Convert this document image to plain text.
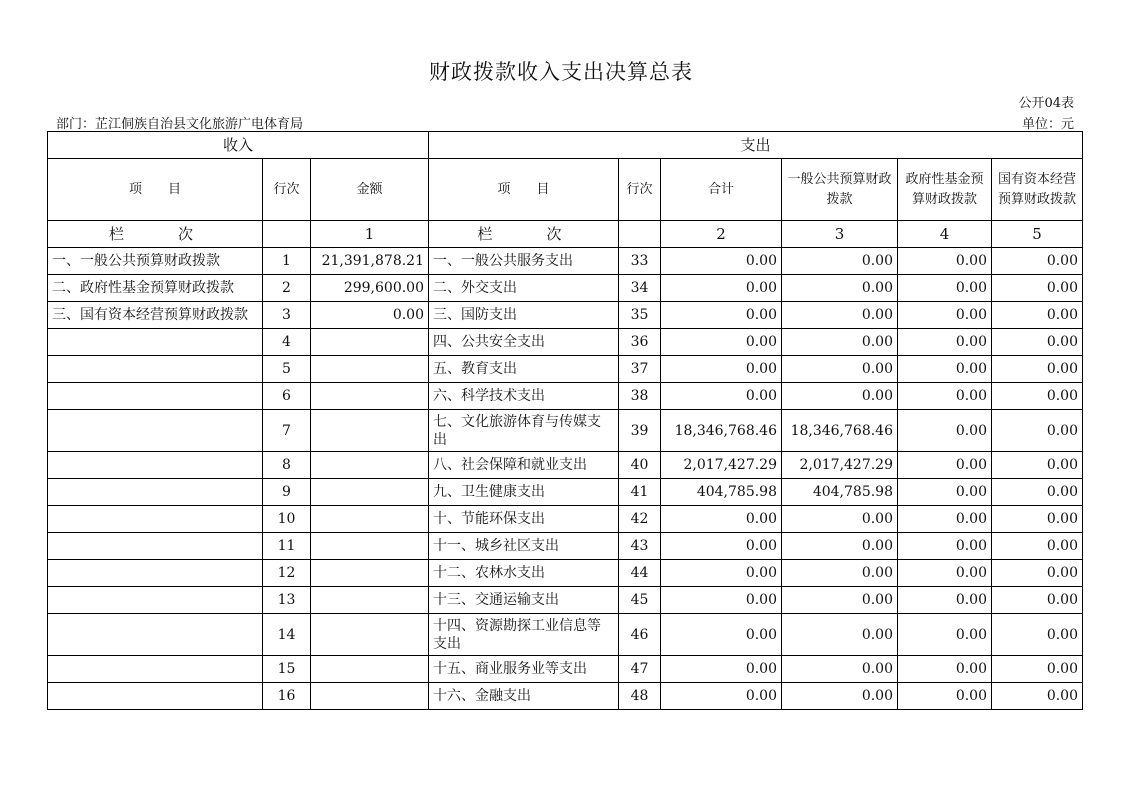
财政拨款收入支出决算总表
公开04表
部门：芷江侗族自治县文化旅游广电体育局	单位：元
收入			支出					
项　　目	行次	金额	项　　目	行次	合计	一般公共预算财政拨款	政府性基金预算财政拨款	国有资本经营预算财政拨款
栏　　次		1	栏　　次		2	3	4	5
一、一般公共预算财政拨款	1	21,391,878.21	一、一般公共服务支出	33	0.00	0.00	0.00	0.00
二、政府性基金预算财政拨款	2	299,600.00	二、外交支出	34	0.00	0.00	0.00	0.00
三、国有资本经营预算财政拨款	3	0.00	三、国防支出	35	0.00	0.00	0.00	0.00
	4		四、公共安全支出	36	0.00	0.00	0.00	0.00
	5		五、教育支出	37	0.00	0.00	0.00	0.00
	6		六、科学技术支出	38	0.00	0.00	0.00	0.00
	7		七、文化旅游体育与传媒支出	39	18,346,768.46	18,346,768.46	0.00	0.00
	8		八、社会保障和就业支出	40	2,017,427.29	2,017,427.29	0.00	0.00
	9		九、卫生健康支出	41	404,785.98	404,785.98	0.00	0.00
	10		十、节能环保支出	42	0.00	0.00	0.00	0.00
	11		十一、城乡社区支出	43	0.00	0.00	0.00	0.00
	12		十二、农林水支出	44	0.00	0.00	0.00	0.00
	13		十三、交通运输支出	45	0.00	0.00	0.00	0.00
	14		十四、资源勘探工业信息等支出	46	0.00	0.00	0.00	0.00
	15		十五、商业服务业等支出	47	0.00	0.00	0.00	0.00
	16		十六、金融支出	48	0.00	0.00	0.00	0.00
